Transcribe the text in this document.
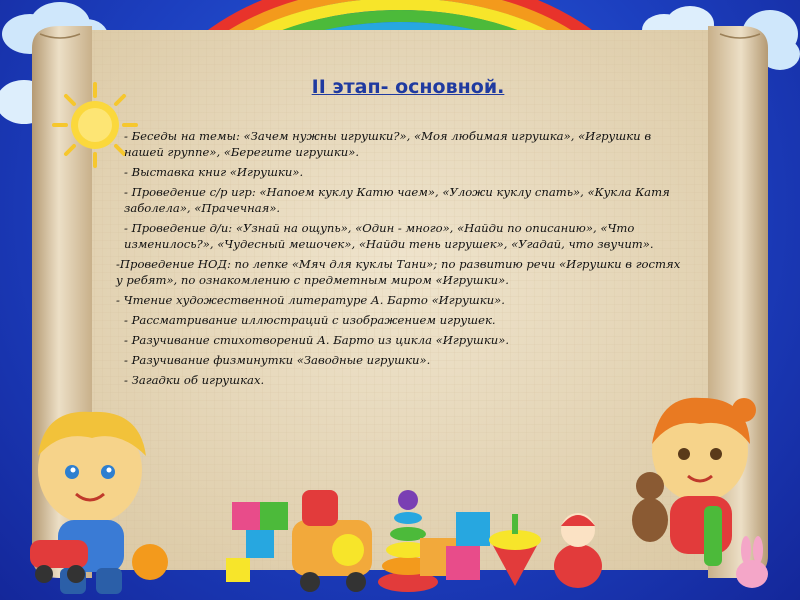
II этап- основной.

- Беседы на темы: «Зачем нужны игрушки?», «Моя любимая игрушка», «Игрушки в нашей группе», «Берегите игрушки».

- Выставка книг «Игрушки».

- Проведение с/р игр: «Напоем куклу Катю чаем», «Уложи куклу спать», «Кукла Катя заболела», «Прачечная».

- Проведение д/и: «Узнай на ощупь», «Один - много», «Найди по описанию», «Что изменилось?», «Чудесный мешочек», «Найди тень игрушек», «Угадай, что звучит».

-Проведение НОД: по лепке «Мяч для куклы Тани»; по развитию речи «Игрушки в гостях у ребят», по ознакомлению с предметным миром «Игрушки».

- Чтение художественной литературе А. Барто «Игрушки».

- Рассматривание иллюстраций с изображением игрушек.

- Разучивание стихотворений А. Барто из цикла «Игрушки».

- Разучивание физминутки «Заводные игрушки».

- Загадки об игрушках.
